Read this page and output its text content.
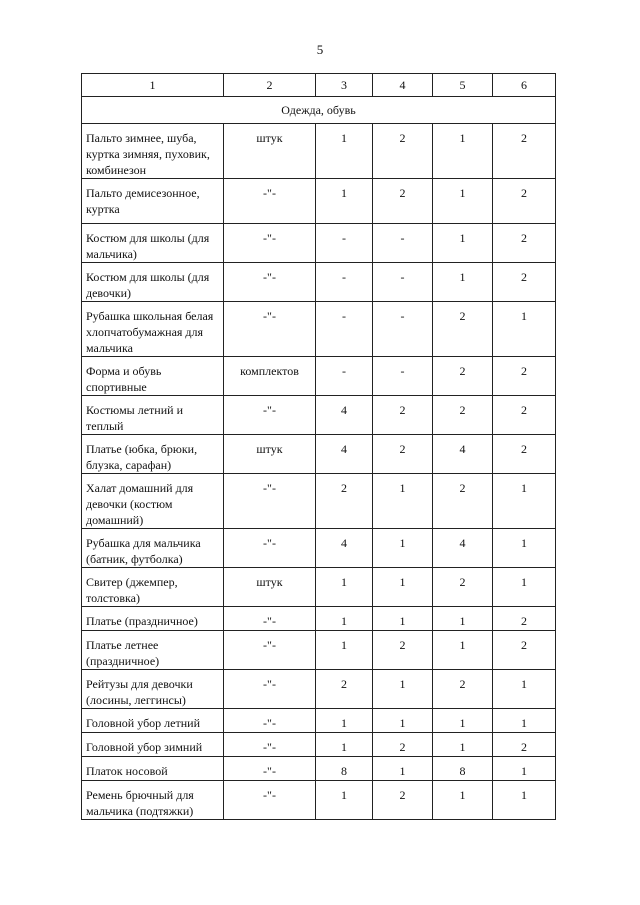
5
1	2	3	4	5	6
Одежда, обувь					
Пальто зимнее, шуба, куртка зимняя, пуховик, комбинезон	штук	1	2	1	2
Пальто демисезонное, куртка	-"-	1	2	1	2
Костюм для школы (для мальчика)	-"-	-	-	1	2
Костюм для школы (для девочки)	-"-	-	-	1	2
Рубашка школьная белая хлопчатобумажная для мальчика	-"-	-	-	2	1
Форма и обувь спортивные	комплектов	-	-	2	2
Костюмы летний и теплый	-"-	4	2	2	2
Платье (юбка, брюки, блузка, сарафан)	штук	4	2	4	2
Халат домашний для девочки (костюм домашний)	-"-	2	1	2	1
Рубашка для мальчика (батник, футболка)	-"-	4	1	4	1
Свитер (джемпер, толстовка)	штук	1	1	2	1
Платье (праздничное)	-"-	1	1	1	2
Платье летнее (праздничное)	-"-	1	2	1	2
Рейтузы для девочки (лосины, леггинсы)	-"-	2	1	2	1
Головной убор летний	-"-	1	1	1	1
Головной убор зимний	-"-	1	2	1	2
Платок носовой	-"-	8	1	8	1
Ремень брючный для мальчика (подтяжки)	-"-	1	2	1	1
